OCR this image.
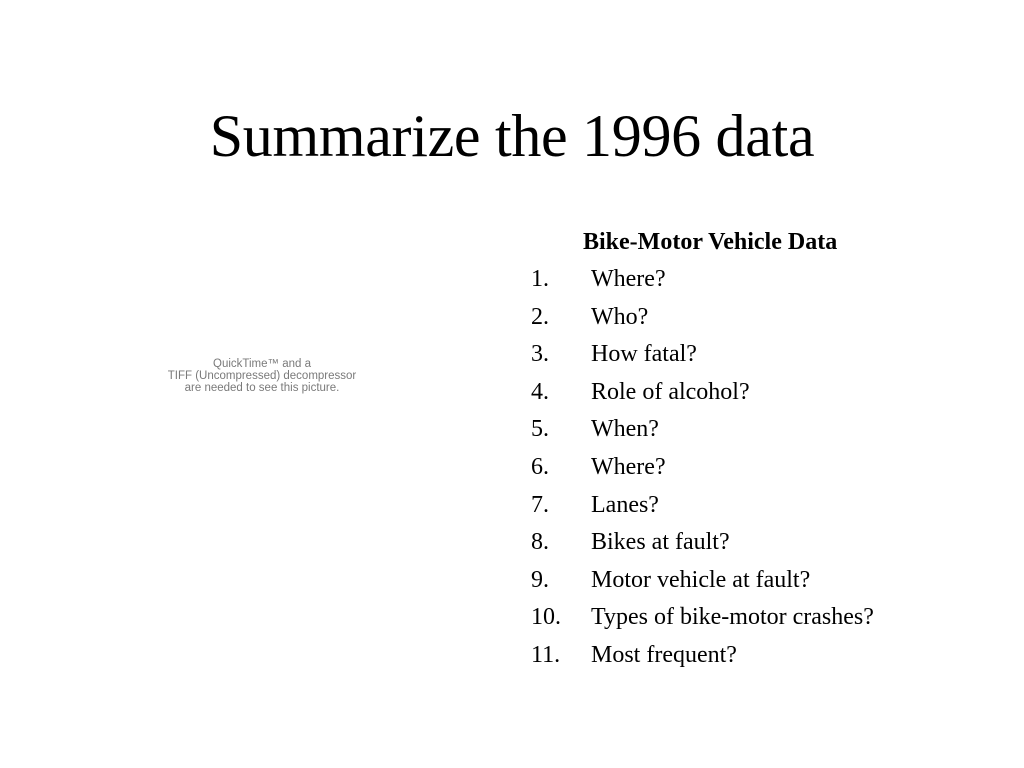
Summarize the 1996 data
QuickTime™ and a
TIFF (Uncompressed) decompressor
are needed to see this picture.
Bike-Motor Vehicle Data
1. Where?
2. Who?
3. How fatal?
4. Role of alcohol?
5. When?
6. Where?
7. Lanes?
8. Bikes at fault?
9. Motor vehicle at fault?
10. Types of bike-motor crashes?
11. Most frequent?
